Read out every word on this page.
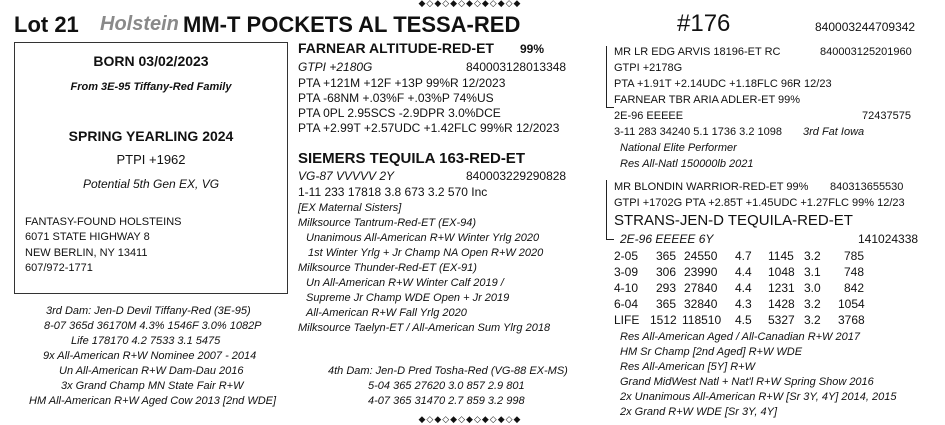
Lot 21 Holstein MM-T POCKETS AL TESSA-RED	#176	840003244709342
BORN 03/02/2023
From 3E-95 Tiffany-Red Family
SPRING YEARLING 2024
PTPI +1962
Potential 5th Gen EX, VG
FANTASY-FOUND HOLSTEINS
6071 STATE HIGHWAY 8
NEW BERLIN, NY 13411
607/972-1771
3rd Dam: Jen-D Devil Tiffany-Red (3E-95)
8-07 365d 36170M 4.3% 1546F 3.0% 1082P
Life 178170 4.2 7533 3.1 5475
9x All-American R+W Nominee 2007 - 2014
Un All-American R+W Dam-Dau 2016
3x Grand Champ MN State Fair R+W
HM All-American R+W Aged Cow 2013 [2nd WDE]
FARNEAR ALTITUDE-RED-ET 99%
GTPI +2180G	840003128013348
PTA +121M +12F +13P 99%R 12/2023
PTA -68NM +.03%F +.03%P 74%US
PTA 0PL 2.95SCS -2.9DPR 3.0%DCE
PTA +2.99T +2.57UDC +1.42FLC 99%R 12/2023
SIEMERS TEQUILA 163-RED-ET
VG-87 VVVVV 2Y	840003229290828
1-11 233 17818 3.8 673 3.2 570 Inc
[EX Maternal Sisters]
Milksource Tantrum-Red-ET (EX-94)
Unanimous All-American R+W Winter Yrlg 2020
1st Winter Yrlg + Jr Champ NA Open R+W 2020
Milksource Thunder-Red-ET (EX-91)
Un All-American R+W Winter Calf 2019 /
Supreme Jr Champ WDE Open + Jr 2019
All-American R+W Fall Yrlg 2020
Milksource Taelyn-ET / All-American Sum Ylrg 2018
4th Dam: Jen-D Pred Tosha-Red (VG-88 EX-MS)
5-04 365 27620 3.0 857 2.9 801
4-07 365 31470 2.7 859 3.2 998
MR LR EDG ARVIS 18196-ET RC	840003125201960
GTPI +2178G
PTA +1.91T +2.14UDC +1.18FLC 96R 12/23
FARNEAR TBR ARIA ADLER-ET 99%
2E-96 EEEEE	72437575
3-11 283 34240 5.1 1736 3.2 1098 3rd Fat Iowa
National Elite Performer
Res All-Natl 150000lb 2021
MR BLONDIN WARRIOR-RED-ET 99% 840313655530
GTPI +1702G PTA +2.85T +1.45UDC +1.27FLC 99% 12/23
STRANS-JEN-D TEQUILA-RED-ET
2E-96 EEEEE 6Y	141024338
2-05 365 24550 4.7 1145 3.2 785
3-09 306 23990 4.4 1048 3.1 748
4-10 293 27840 4.4 1231 3.0 842
6-04 365 32840 4.3 1428 3.2 1054
LIFE 1512 118510 4.5 5327 3.2 3768
Res All-American Aged / All-Canadian R+W 2017
HM Sr Champ [2nd Aged] R+W WDE
Res All-American [5Y] R+W
Grand MidWest Natl + Nat'l R+W Spring Show 2016
2x Unanimous All-American R+W [Sr 3Y, 4Y] 2014, 2015
2x Grand R+W WDE [Sr 3Y, 4Y]
◆◇◆◇◆◇◆◇◆◇◆◇◆
◆◇◆◇◆◇◆◇◆◇◆◇◆
